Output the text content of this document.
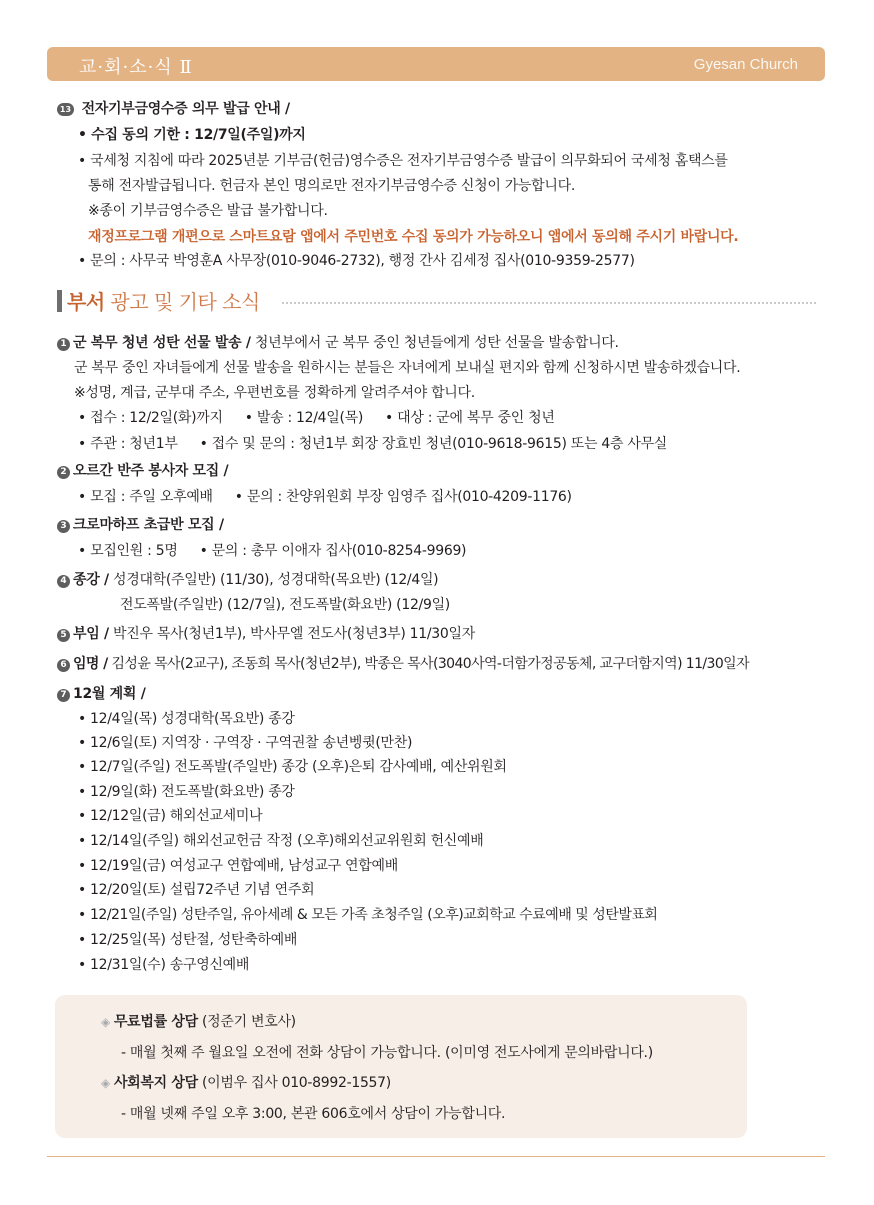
교·회·소·식 Ⅱ	Gyesan Church
13 전자기부금영수증 의무 발급 안내 /
• 수집 동의 기한 : 12/7일(주일)까지
• 국세청 지침에 따라 2025년분 기부금(헌금)영수증은 전자기부금영수증 발급이 의무화되어 국세청 홈택스를
통해 전자발급됩니다. 헌금자 본인 명의로만 전자기부금영수증 신청이 가능합니다.
※종이 기부금영수증은 발급 불가합니다.
재정프로그램 개편으로 스마트요람 앱에서 주민번호 수집 동의가 가능하오니 앱에서 동의해 주시기 바랍니다.
• 문의 : 사무국 박영훈A 사무장(010-9046-2732), 행정 간사 김세정 집사(010-9359-2577)
부서 광고 및 기타 소식
1 군 복무 청년 성탄 선물 발송 / 청년부에서 군 복무 중인 청년들에게 성탄 선물을 발송합니다.
군 복무 중인 자녀들에게 선물 발송을 원하시는 분들은 자녀에게 보내실 편지와 함께 신청하시면 발송하겠습니다.
※성명, 계급, 군부대 주소, 우편번호를 정확하게 알려주셔야 합니다.
• 접수 : 12/2일(화)까지 • 발송 : 12/4일(목) • 대상 : 군에 복무 중인 청년
• 주관 : 청년1부 • 접수 및 문의 : 청년1부 회장 장효빈 청년(010-9618-9615) 또는 4층 사무실
2 오르간 반주 봉사자 모집 /
• 모집 : 주일 오후예배 • 문의 : 찬양위원회 부장 임영주 집사(010-4209-1176)
3 크로마하프 초급반 모집 /
• 모집인원 : 5명 • 문의 : 총무 이애자 집사(010-8254-9969)
4 종강 / 성경대학(주일반) (11/30), 성경대학(목요반) (12/4일)
전도폭발(주일반) (12/7일), 전도폭발(화요반) (12/9일)
5 부임 / 박진우 목사(청년1부), 박사무엘 전도사(청년3부) 11/30일자
6 임명 / 김성윤 목사(2교구), 조동희 목사(청년2부), 박종은 목사(3040사역-더함가정공동체, 교구더함지역) 11/30일자
7 12월 계획 /
• 12/4일(목) 성경대학(목요반) 종강
• 12/6일(토) 지역장 · 구역장 · 구역권찰 송년벵큇(만찬)
• 12/7일(주일) 전도폭발(주일반) 종강 (오후)은퇴 감사예배, 예산위원회
• 12/9일(화) 전도폭발(화요반) 종강
• 12/12일(금) 해외선교세미나
• 12/14일(주일) 해외선교헌금 작정 (오후)해외선교위원회 헌신예배
• 12/19일(금) 여성교구 연합예배, 남성교구 연합예배
• 12/20일(토) 설립72주년 기념 연주회
• 12/21일(주일) 성탄주일, 유아세례 & 모든 가족 초청주일 (오후)교회학교 수료예배 및 성탄발표회
• 12/25일(목) 성탄절, 성탄축하예배
• 12/31일(수) 송구영신예배
◈ 무료법률 상담 (정준기 변호사)
- 매월 첫째 주 월요일 오전에 전화 상담이 가능합니다. (이미영 전도사에게 문의바랍니다.)
◈ 사회복지 상담 (이범우 집사 010-8992-1557)
- 매월 넷째 주일 오후 3:00, 본관 606호에서 상담이 가능합니다.
